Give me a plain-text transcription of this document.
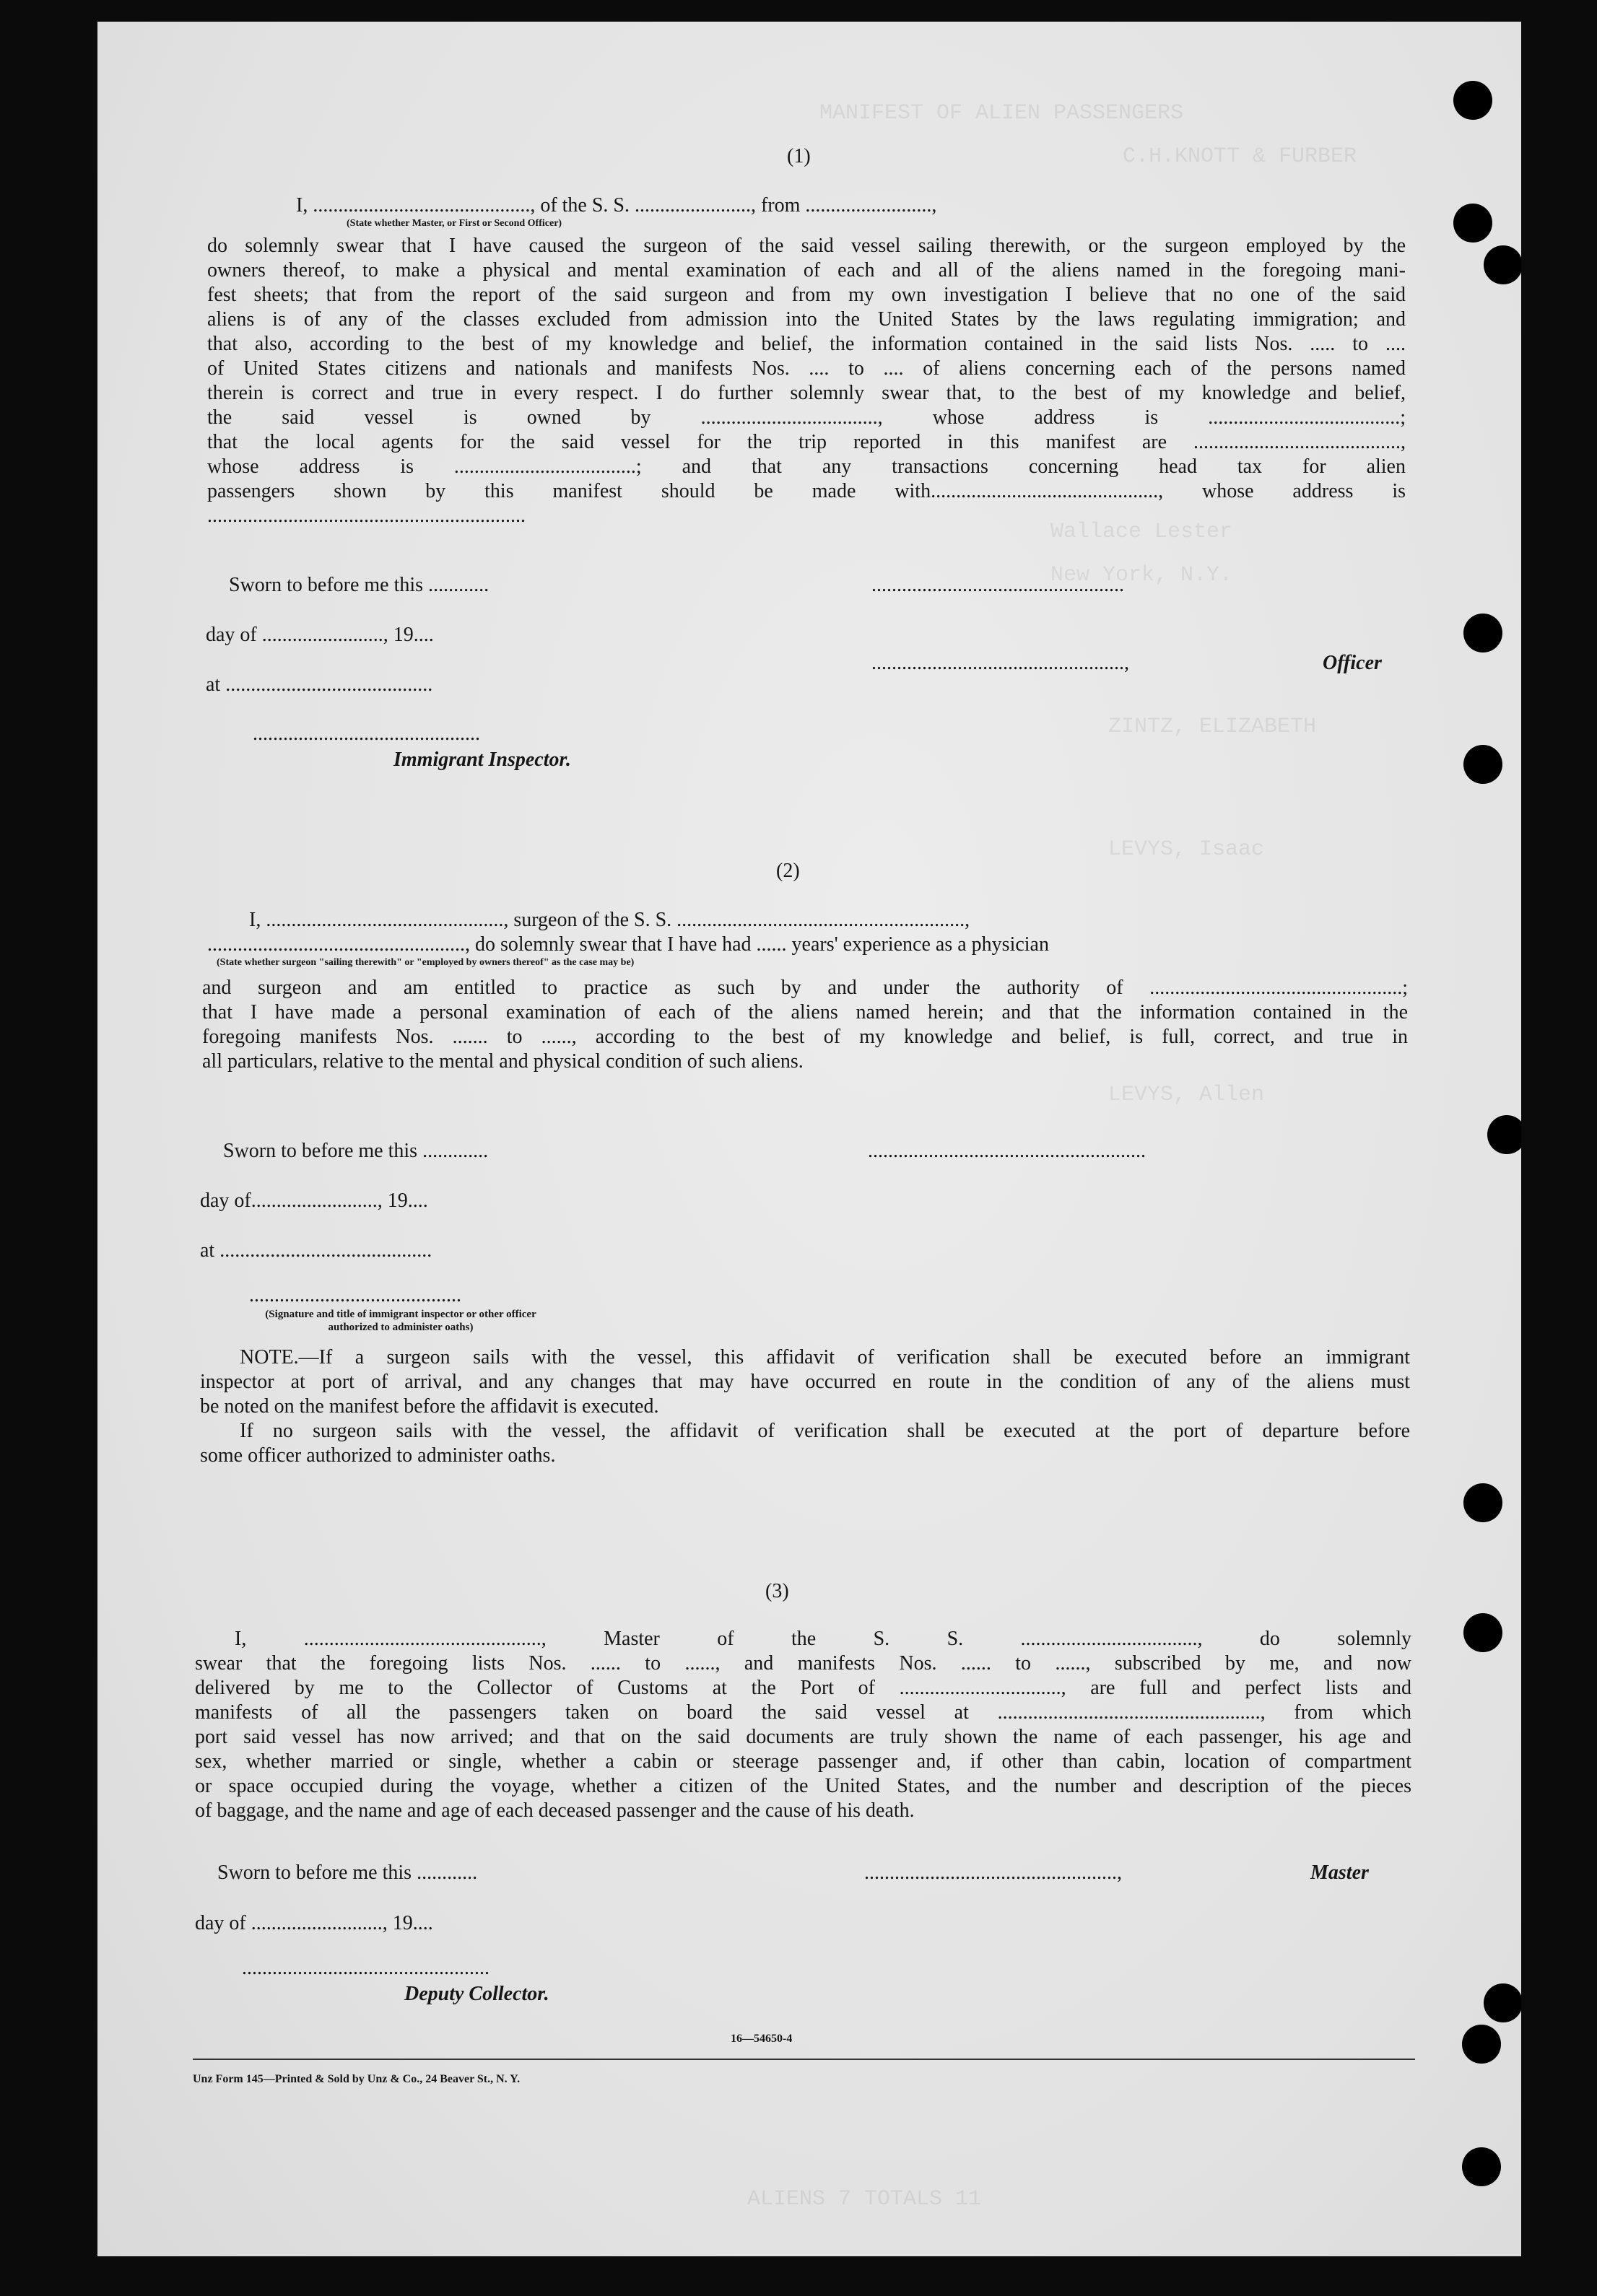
MANIFEST OF ALIEN PASSENGERS
C.H.KNOTT & FURBER
Wallace Lester
New York, N.Y.
ZINTZ, ELIZABETH
LEVYS, Isaac
LEVYS, Allen
ALIENS 7 TOTALS 11
(1)
I, ..........................................., of the S. S. ......................., from .........................,
(State whether Master, or First or Second Officer)

do solemnly swear that I have caused the surgeon of the said vessel sailing therewith, or the surgeon employed by the

owners thereof, to make a physical and mental examination of each and all of the aliens named in the foregoing mani-

fest sheets; that from the report of the said surgeon and from my own investigation I believe that no one of the said

aliens is of any of the classes excluded from admission into the United States by the laws regulating immigration; and

that also, according to the best of my knowledge and belief, the information contained in the said lists Nos. ..... to ....

of United States citizens and nationals and manifests Nos. .... to .... of aliens concerning each of the persons named

therein is correct and true in every respect. I do further solemnly swear that, to the best of my knowledge and belief,

the said vessel is owned by ..................................., whose address is ......................................;

that the local agents for the said vessel for the trip reported in this manifest are .........................................,

whose address is ....................................; and that any transactions concerning head tax for alien

passengers shown by this manifest should be made with............................................., whose address is

...............................................................

Sworn to before me this ............	..................................................
day of ........................, 19....
..................................................,	Officer
at .........................................
.............................................
Immigrant Inspector.
(2)
I, ..............................................., surgeon of the S. S. .........................................................,
..................................................., do solemnly swear that I have had ...... years' experience as a physician
(State whether surgeon "sailing therewith" or "employed by owners thereof" as the case may be)

and surgeon and am entitled to practice as such by and under the authority of ..................................................;

that I have made a personal examination of each of the aliens named herein; and that the information contained in the

foregoing manifests Nos. ....... to ......, according to the best of my knowledge and belief, is full, correct, and true in

all particulars, relative to the mental and physical condition of such aliens.

Sworn to before me this .............	.......................................................
day of........................., 19....
at ..........................................
..........................................
(Signature and title of immigrant inspector or other officer authorized to administer oaths)

NOTE.—If a surgeon sails with the vessel, this affidavit of verification shall be executed before an immigrant

inspector at port of arrival, and any changes that may have occurred en route in the condition of any of the aliens must

be noted on the manifest before the affidavit is executed.

If no surgeon sails with the vessel, the affidavit of verification shall be executed at the port of departure before

some officer authorized to administer oaths.

(3)

I, ..............................................., Master of the S. S. ..................................., do solemnly

swear that the foregoing lists Nos. ...... to ......, and manifests Nos. ...... to ......, subscribed by me, and now

delivered by me to the Collector of Customs at the Port of ................................, are full and perfect lists and

manifests of all the passengers taken on board the said vessel at ...................................................., from which

port said vessel has now arrived; and that on the said documents are truly shown the name of each passenger, his age and

sex, whether married or single, whether a cabin or steerage passenger and, if other than cabin, location of compartment

or space occupied during the voyage, whether a citizen of the United States, and the number and description of the pieces

of baggage, and the name and age of each deceased passenger and the cause of his death.

Sworn to before me this ............	..................................................,	Master
day of .........................., 19....
.................................................
Deputy Collector.
16—54650-4
Unz Form 145—Printed & Sold by Unz & Co., 24 Beaver St., N. Y.
